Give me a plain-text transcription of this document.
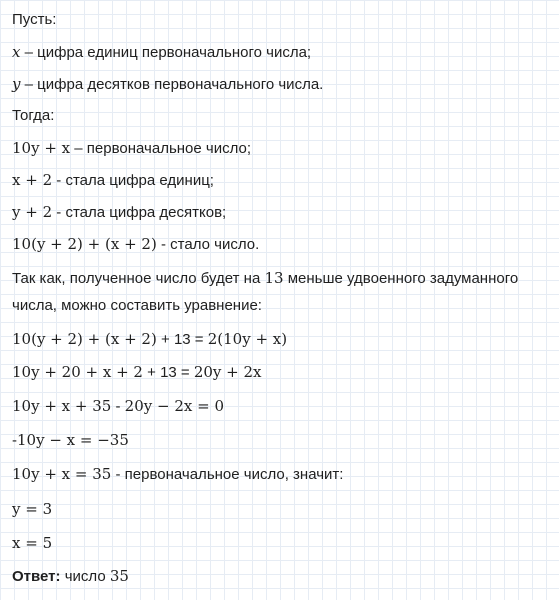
Пусть:
x – цифра единиц первоначального числа;
y – цифра десятков первоначального числа.
Тогда:
10y + x – первоначальное число;
x + 2 - стала цифра единиц;
y + 2 - стала цифра десятков;
10(y + 2) + (x + 2) - стало число.
Так как, полученное число будет на 13 меньше удвоенного задуманного
числа, можно составить уравнение:
10(y + 2) + (x + 2) + 13 = 2(10y + x)
10y + 20 + x + 2 + 13 = 20y + 2x
10y + x + 35 - 20y − 2x = 0
-10y − x = −35
10y + x = 35 - первоначальное число, значит:
y = 3
x = 5
Ответ: число 35
